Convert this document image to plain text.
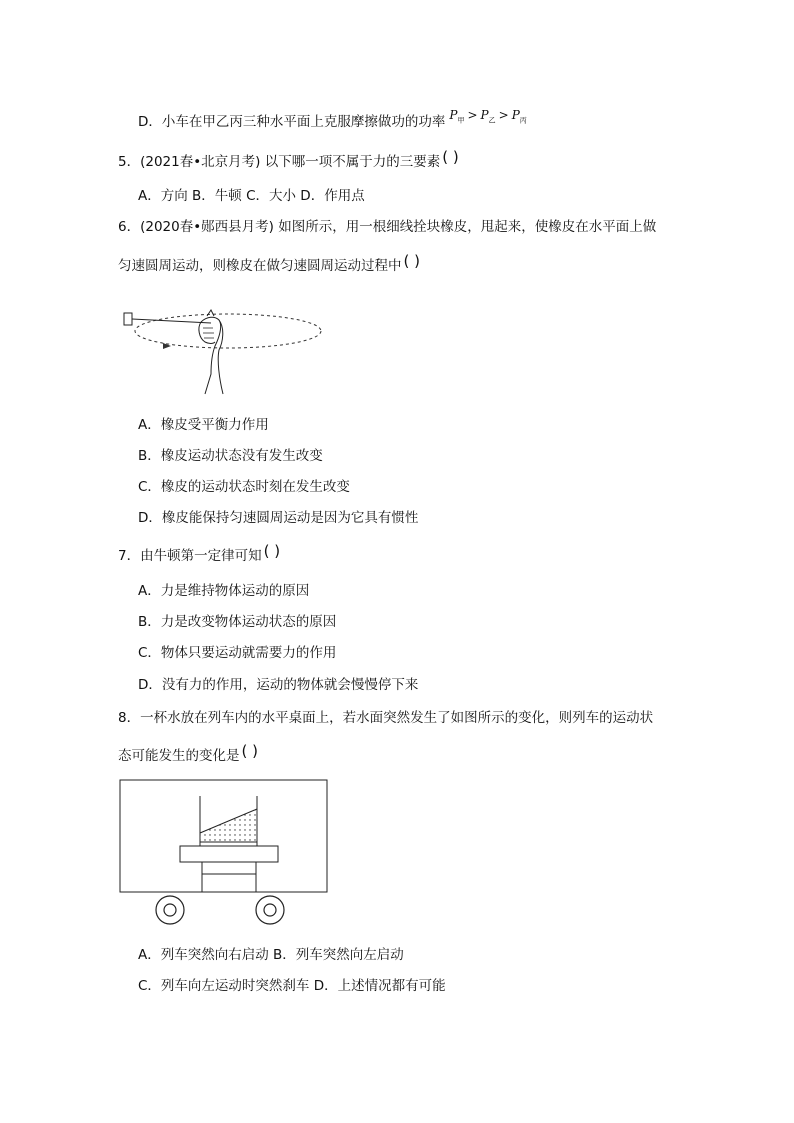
D．小车在甲乙丙三种水平面上克服摩擦做功的功率 $P_甲 > P_乙 > P_丙$
5．(2021春•北京月考) 以下哪一项不属于力的三要素 ( )
A．方向 B．牛顿 C．大小 D．作用点
6．(2020春•郧西县月考) 如图所示，用一根细线拴块橡皮，甩起来，使橡皮在水平面上做
匀速圆周运动，则橡皮在做匀速圆周运动过程中 ( )
A．橡皮受平衡力作用
B．橡皮运动状态没有发生改变
C．橡皮的运动状态时刻在发生改变
D．橡皮能保持匀速圆周运动是因为它具有惯性
7．由牛顿第一定律可知 ( )
A．力是维持物体运动的原因
B．力是改变物体运动状态的原因
C．物体只要运动就需要力的作用
D．没有力的作用，运动的物体就会慢慢停下来
8．一杯水放在列车内的水平桌面上，若水面突然发生了如图所示的变化，则列车的运动状
态可能发生的变化是 ( )
A．列车突然向右启动 B．列车突然向左启动
C．列车向左运动时突然刹车 D．上述情况都有可能
